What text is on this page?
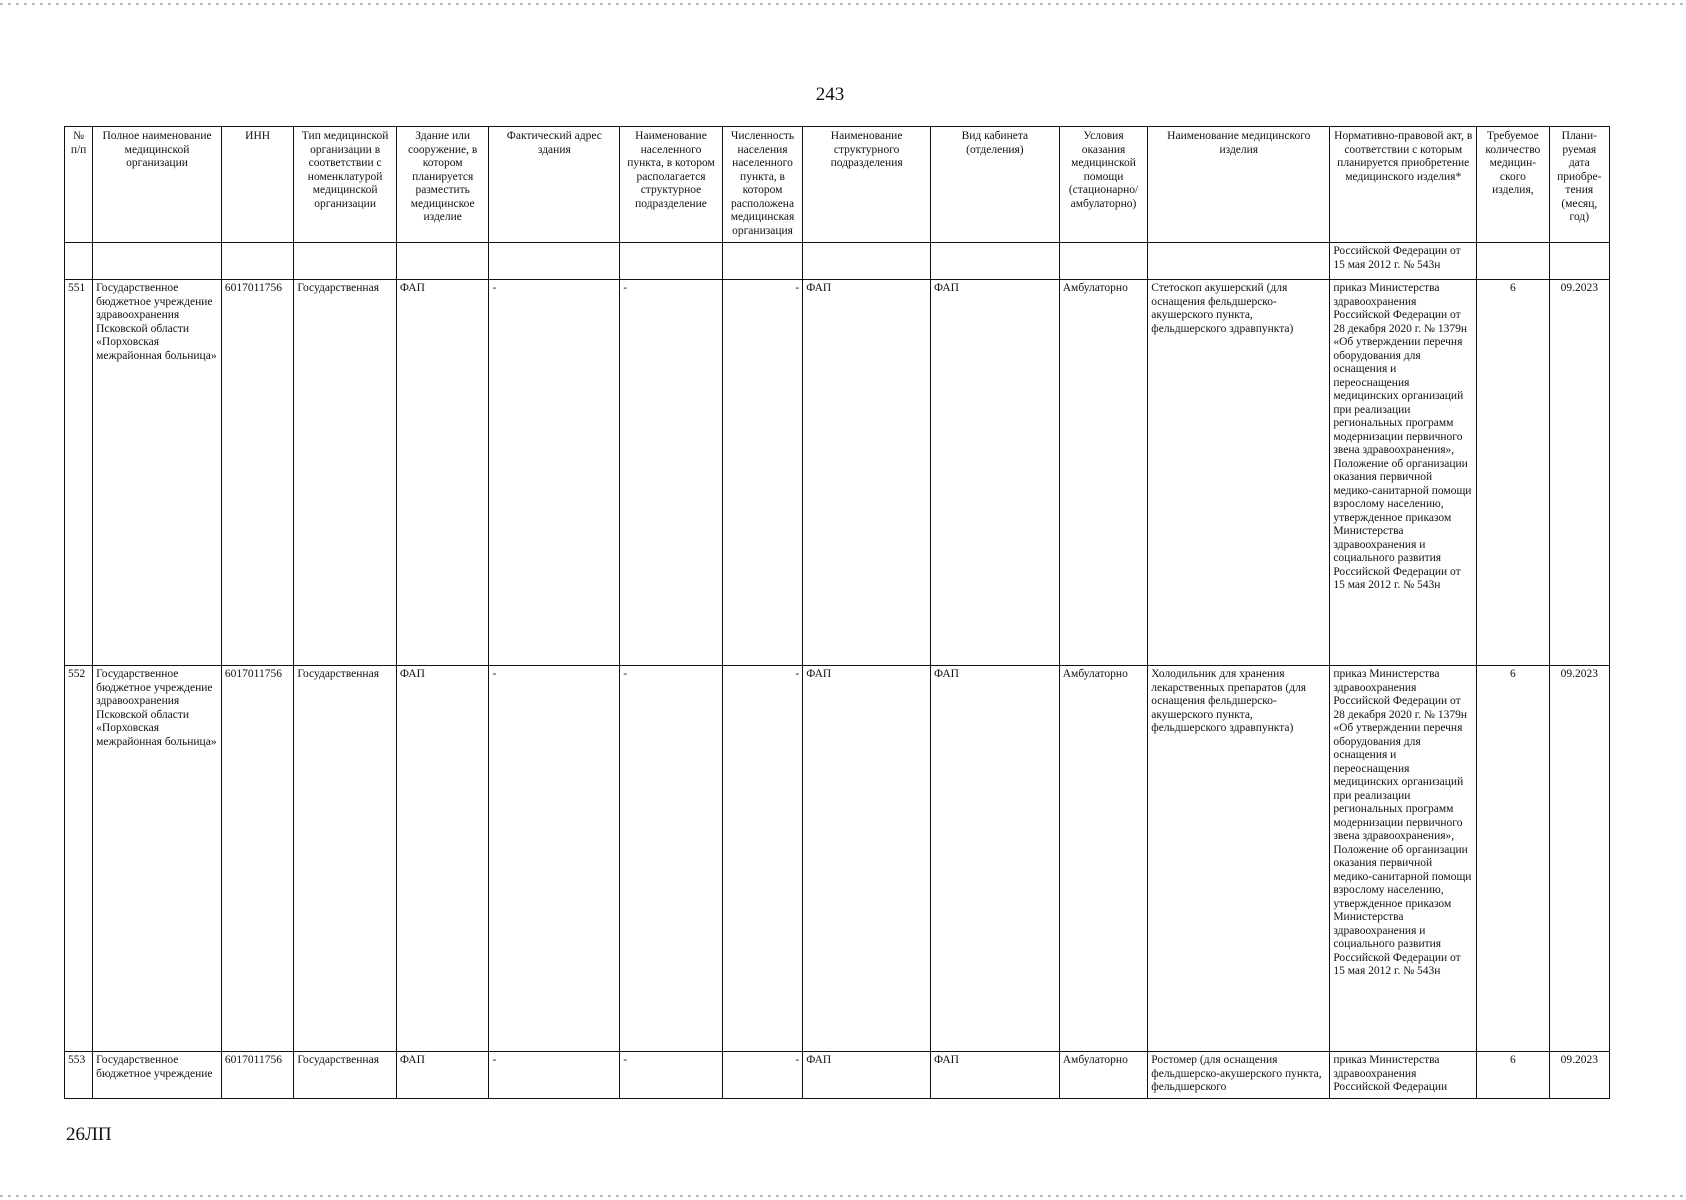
243
№ п/п	Полное наименование медицинской организации	ИНН	Тип медицинской организации в соответствии с номенклатурой медицинской организации	Здание или сооружение, в котором планируется разместить медицинское изделие	Фактический адрес здания	Наименование населенного пункта, в котором располагается структурное подразделение	Численность населения населенного пункта, в котором расположена медицинская организация	Наименование структурного подразделения	Вид кабинета (отделения)	Условия оказания медицинской помощи (стационарно/ амбулаторно)	Наименование медицинского изделия	Нормативно-правовой акт, в соответствии с которым планируется приобретение медицинского изделия*	Требуемое количество медицин-ского изделия,	Плани-руемая дата приобре-тения (месяц, год)
												Российской Федерации от 15 мая 2012 г. № 543н		
551	Государственное бюджетное учреждение здравоохранения Псковской области «Порховская межрайонная больница»	6017011756	Государственная	ФАП	-	-	-	ФАП	ФАП	Амбулаторно	Стетоскоп акушерский (для оснащения фельдшерско-акушерского пункта, фельдшерского здравпункта)	приказ Министерства здравоохранения Российской Федерации от 28 декабря 2020 г. № 1379н «Об утверждении перечня оборудования для оснащения и переоснащения медицинских организаций при реализации региональных программ модернизации первичного звена здравоохранения», Положение об организации оказания первичной медико-санитарной помощи взрослому населению, утвержденное приказом Министерства здравоохранения и социального развития Российской Федерации от 15 мая 2012 г. № 543н	6	09.2023
552	Государственное бюджетное учреждение здравоохранения Псковской области «Порховская межрайонная больница»	6017011756	Государственная	ФАП	-	-	-	ФАП	ФАП	Амбулаторно	Холодильник для хранения лекарственных препаратов (для оснащения фельдшерско-акушерского пункта, фельдшерского здравпункта)	приказ Министерства здравоохранения Российской Федерации от 28 декабря 2020 г. № 1379н «Об утверждении перечня оборудования для оснащения и переоснащения медицинских организаций при реализации региональных программ модернизации первичного звена здравоохранения», Положение об организации оказания первичной медико-санитарной помощи взрослому населению, утвержденное приказом Министерства здравоохранения и социального развития Российской Федерации от 15 мая 2012 г. № 543н	6	09.2023
553	Государственное бюджетное учреждение	6017011756	Государственная	ФАП	-	-	-	ФАП	ФАП	Амбулаторно	Ростомер (для оснащения фельдшерско-акушерского пункта, фельдшерского	приказ Министерства здравоохранения Российской Федерации	6	09.2023
26ЛП
